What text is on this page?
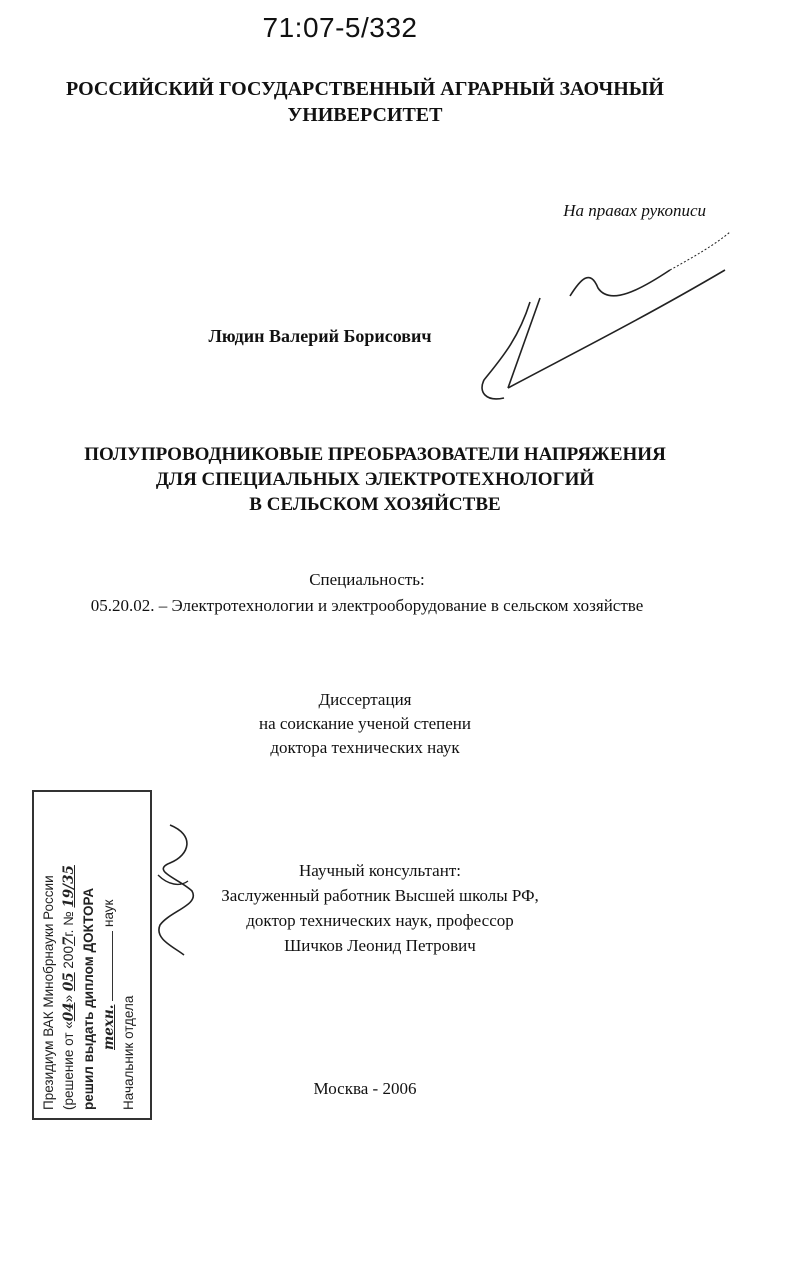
71:07-5/332
РОССИЙСКИЙ ГОСУДАРСТВЕННЫЙ АГРАРНЫЙ ЗАОЧНЫЙ
УНИВЕРСИТЕТ
На правах рукописи
Людин Валерий Борисович
ПОЛУПРОВОДНИКОВЫЕ ПРЕОБРАЗОВАТЕЛИ НАПРЯЖЕНИЯ
ДЛЯ СПЕЦИАЛЬНЫХ ЭЛЕКТРОТЕХНОЛОГИЙ
В СЕЛЬСКОМ ХОЗЯЙСТВЕ
Специальность:
05.20.02. – Электротехнологии и электрооборудование в сельском хозяйстве
Диссертация
на соискание ученой степени
доктора технических наук
Научный консультант:
Заслуженный работник Высшей школы РФ,
доктор технических наук, профессор
Шичков Леонид Петрович
Москва - 2006
Президиум ВАК Минобрнауки России (решение от «04» 05 2007г. № 19/35
решил выдать диплом ДОКТОРА
техн.  наук
Начальник отдела
